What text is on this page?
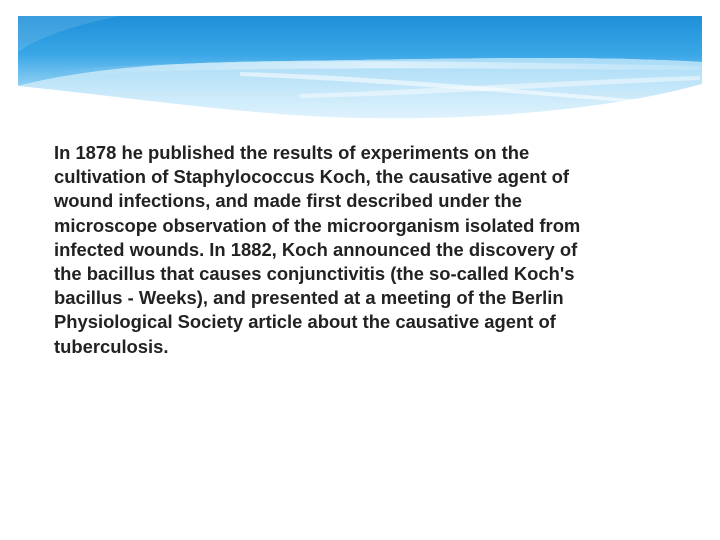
In 1878 he published the results of experiments on the
cultivation of Staphylococcus Koch, the causative agent of
wound infections, and made first described under the
microscope observation of the microorganism isolated from
infected wounds. In 1882, Koch announced the discovery of
the bacillus that causes conjunctivitis (the so-called Koch's
bacillus - Weeks), and presented at a meeting of the Berlin
Physiological Society article about the causative agent of
tuberculosis.
